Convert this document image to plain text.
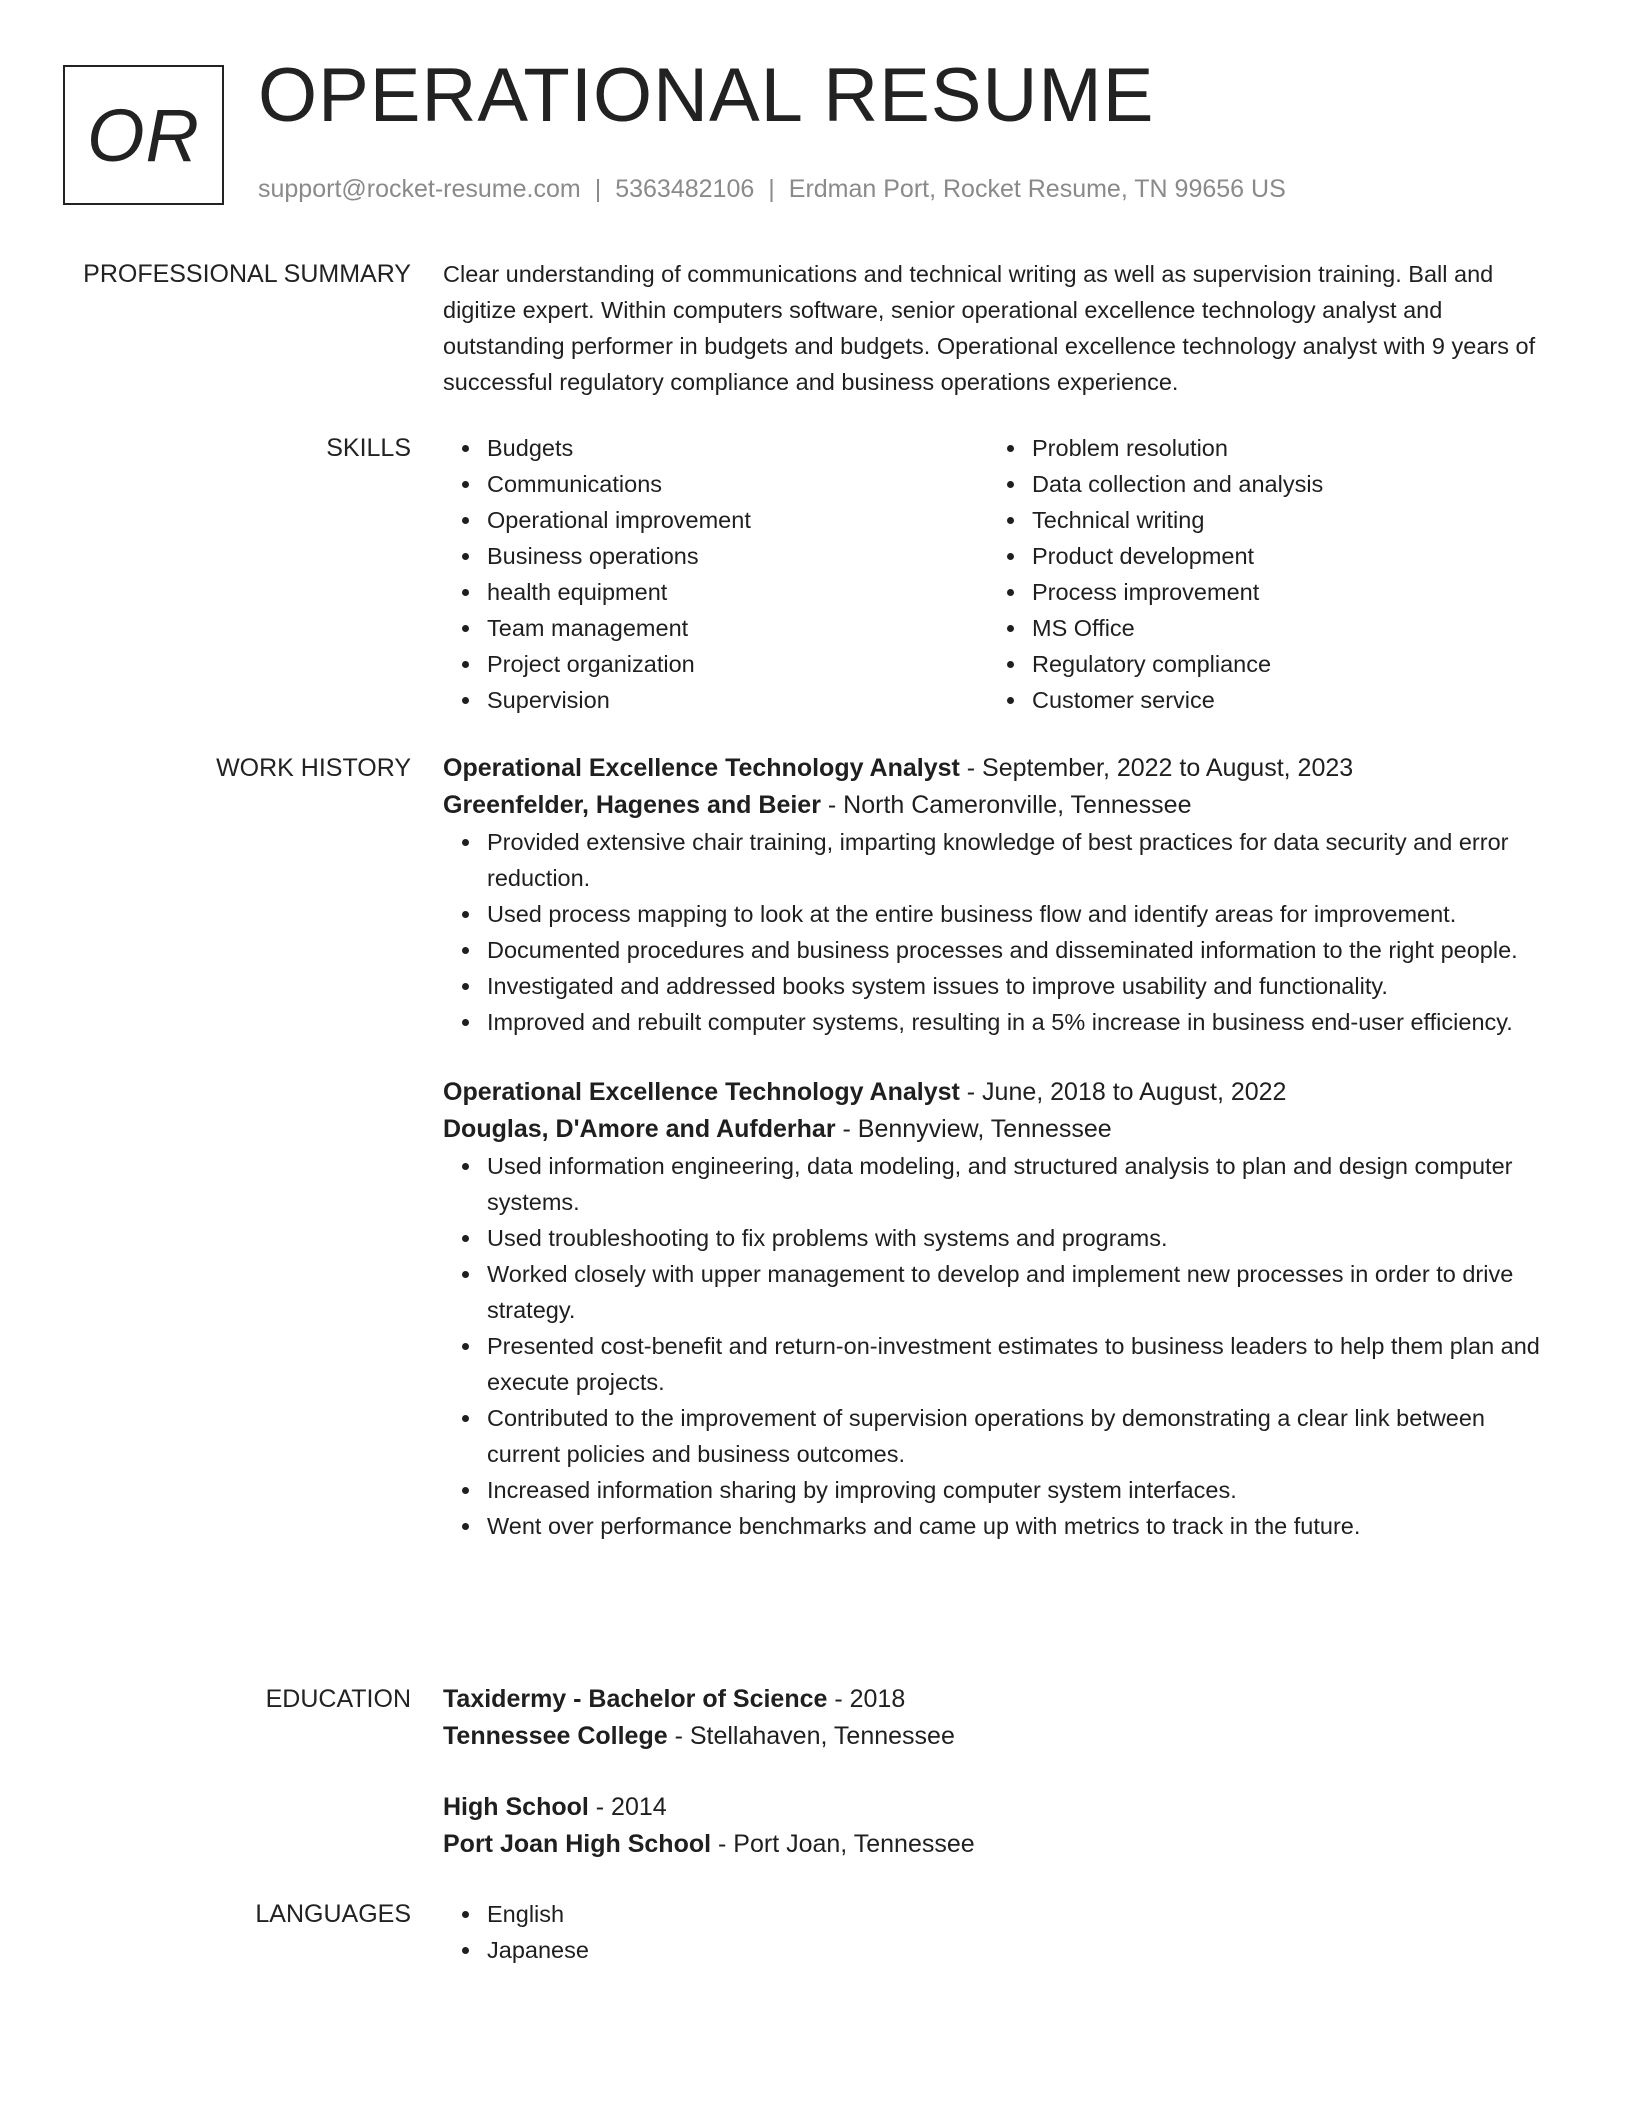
OR OPERATIONAL RESUME
support@rocket-resume.com | 5363482106 | Erdman Port, Rocket Resume, TN 99656 US
PROFESSIONAL SUMMARY Clear understanding of communications and technical writing as well as supervision training. Ball and digitize expert. Within computers software, senior operational excellence technology analyst and outstanding performer in budgets and budgets. Operational excellence technology analyst with 9 years of successful regulatory compliance and business operations experience.
SKILLS	Budgets
Communications
Operational improvement
Business operations
health equipment
Team management
Project organization
Supervision
Problem resolution
Data collection and analysis
Technical writing
Product development
Process improvement
MS Office
Regulatory compliance
Customer service
WORK HISTORY Operational Excellence Technology Analyst - September, 2022 to August, 2023
Greenfelder, Hagenes and Beier - North Cameronville, Tennessee
Provided extensive chair training, imparting knowledge of best practices for data security and error reduction.
Used process mapping to look at the entire business flow and identify areas for improvement.
Documented procedures and business processes and disseminated information to the right people.
Investigated and addressed books system issues to improve usability and functionality.
Improved and rebuilt computer systems, resulting in a 5% increase in business end-user efficiency.
Operational Excellence Technology Analyst - June, 2018 to August, 2022
Douglas, D'Amore and Aufderhar - Bennyview, Tennessee
Used information engineering, data modeling, and structured analysis to plan and design computer systems.
Used troubleshooting to fix problems with systems and programs.
Worked closely with upper management to develop and implement new processes in order to drive strategy.
Presented cost-benefit and return-on-investment estimates to business leaders to help them plan and execute projects.
Contributed to the improvement of supervision operations by demonstrating a clear link between current policies and business outcomes.
Increased information sharing by improving computer system interfaces.
Went over performance benchmarks and came up with metrics to track in the future.
EDUCATION Taxidermy - Bachelor of Science - 2018
Tennessee College - Stellahaven, Tennessee
High School - 2014
Port Joan High School - Port Joan, Tennessee
LANGUAGES	English
Japanese
